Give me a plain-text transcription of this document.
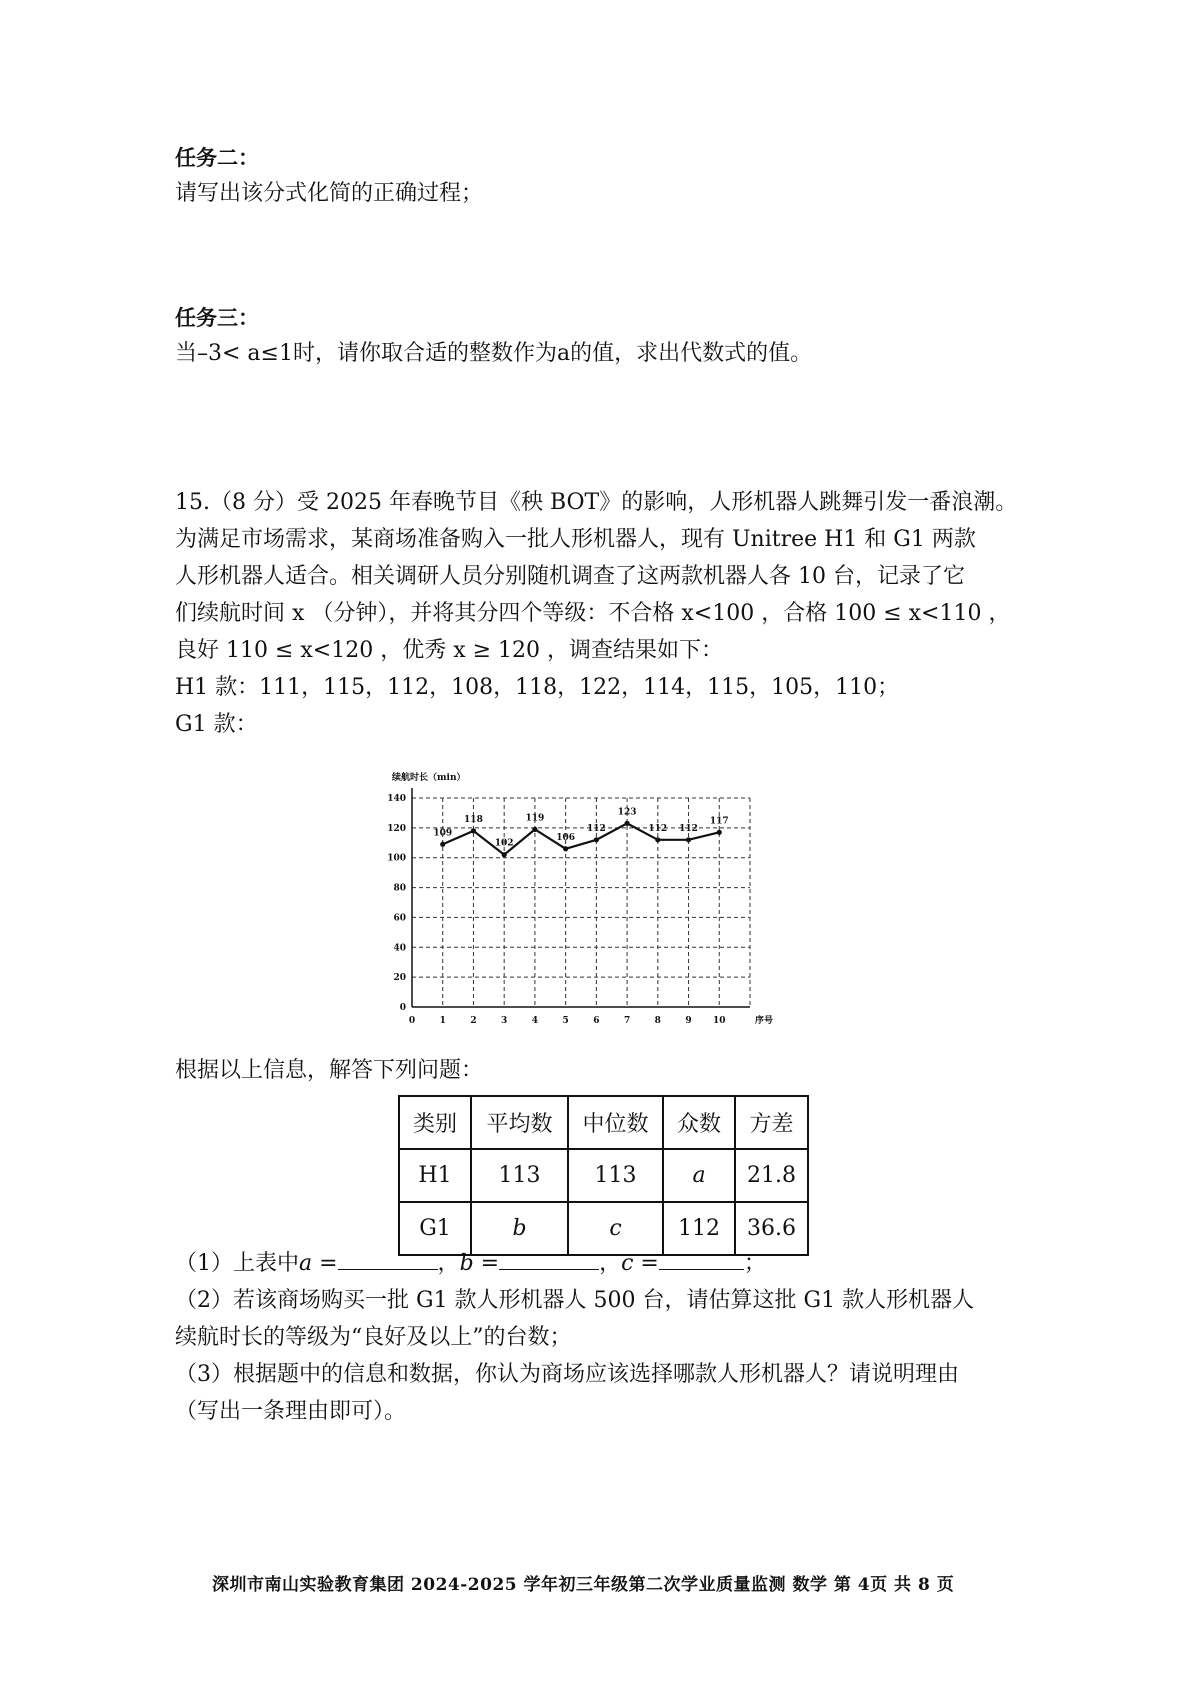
任务二：
请写出该分式化简的正确过程；
任务三：
当–3< a≤1时，请你取合适的整数作为a的值，求出代数式的值。
15.（8 分）受 2025 年春晚节目《秧 BOT》的影响，人形机器人跳舞引发一番浪潮。
为满足市场需求，某商场准备购入一批人形机器人，现有 Unitree H1 和 G1 两款
人形机器人适合。相关调研人员分别随机调查了这两款机器人各 10 台，记录了它
们续航时间 x （分钟），并将其分四个等级：不合格 x<100 ，合格 100 ≤ x<110 ，
良好 110 ≤ x<120 ，优秀 x ≥ 120 ，调查结果如下：
H1 款：111，115，112，108，118，122，114，115，105，110；
G1 款：
0
20
40
60
80
100
120
140
0	1	2	3	4	5	6	7	8	9 10
续航时长（min）
序号
109
118
102
119
106
112
123
112 112
117
根据以上信息，解答下列问题：
类别	平均数	中位数	众数	方差
H1	113	113	a	21.8
G1	b	c	112	36.6
（1）上表中a =	，b =	，c =	；
（2）若该商场购买一批 G1 款人形机器人 500 台，请估算这批 G1 款人形机器人
续航时长的等级为“良好及以上”的台数；
（3）根据题中的信息和数据，你认为商场应该选择哪款人形机器人？请说明理由
（写出一条理由即可）。
深圳市南山实验教育集团 2024-2025 学年初三年级第二次学业质量监测 数学 第 4页 共 8 页
